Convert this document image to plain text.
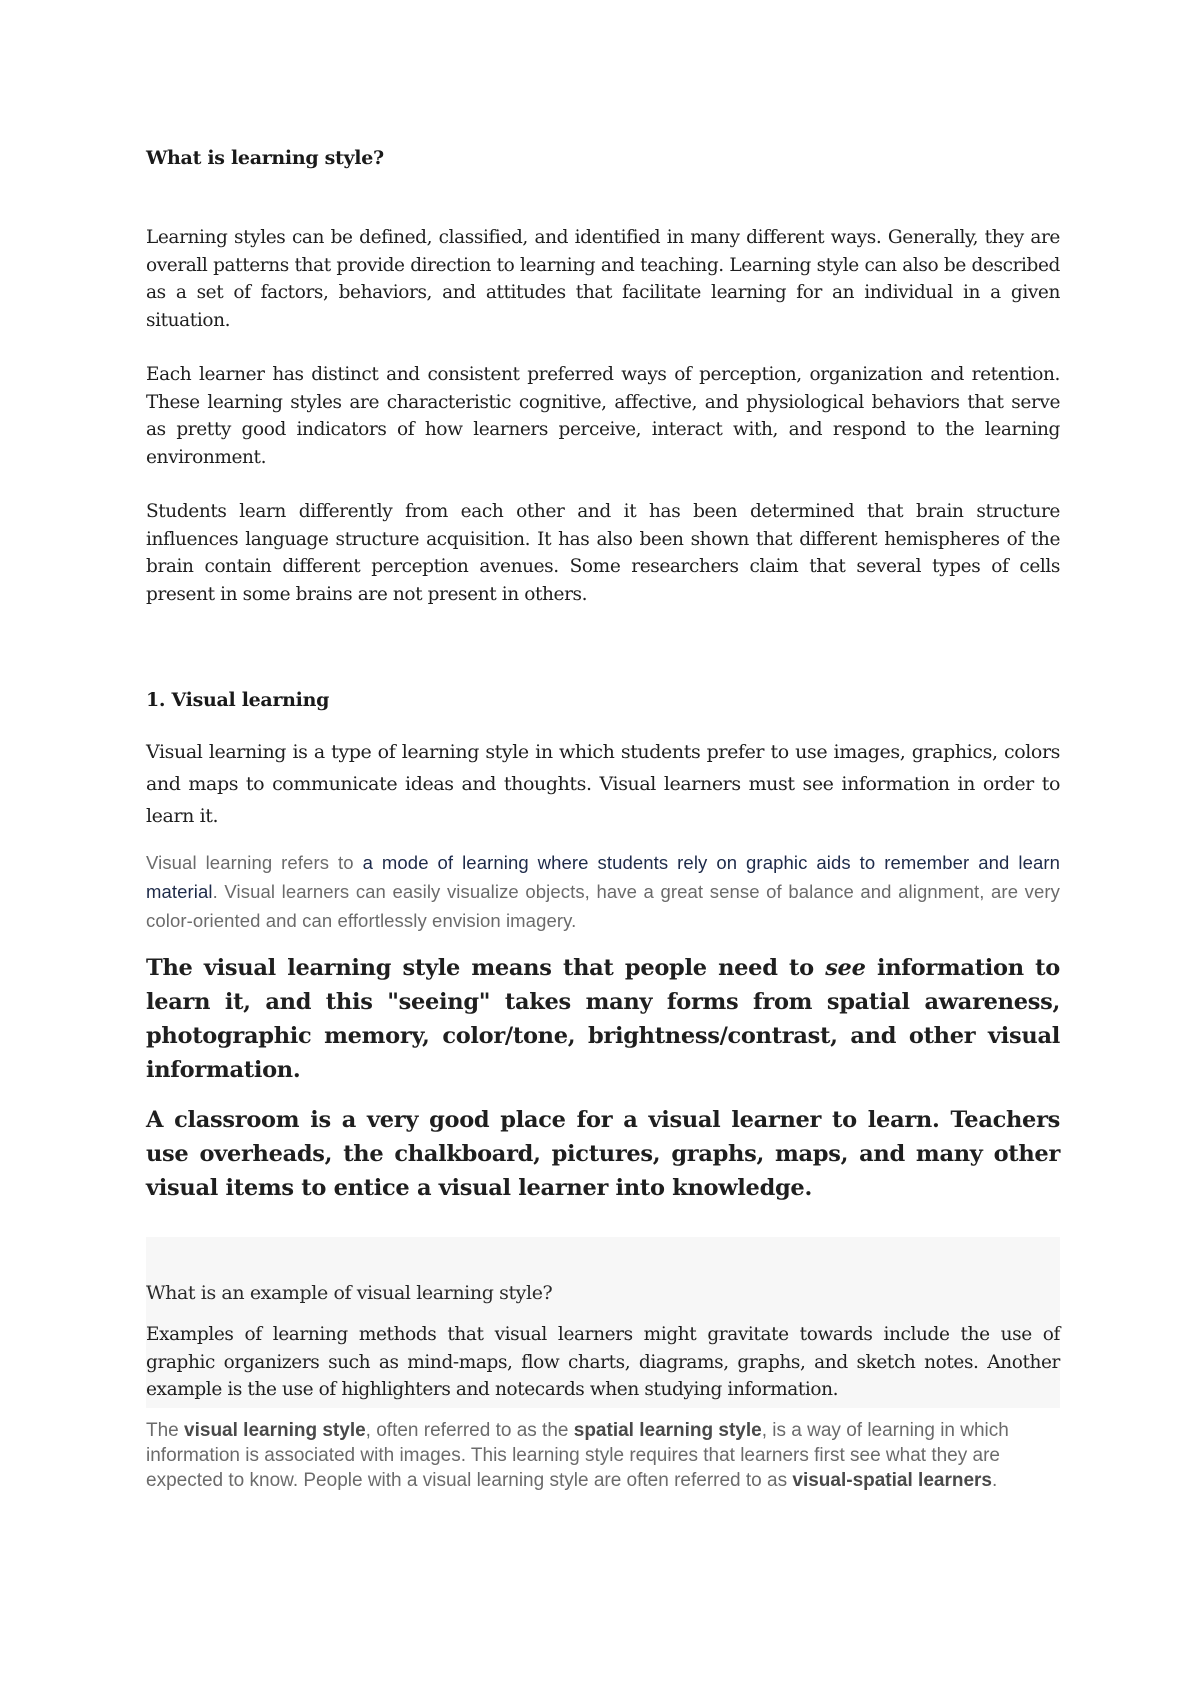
What is learning style?

Learning styles can be defined, classified, and identified in many different ways. Generally, they are overall patterns that provide direction to learning and teaching. Learning style can also be described as a set of factors, behaviors, and attitudes that facilitate learning for an individual in a given situation.

Each learner has distinct and consistent preferred ways of perception, organization and retention. These learning styles are characteristic cognitive, affective, and physiological behaviors that serve as pretty good indicators of how learners perceive, interact with, and respond to the learning environment.

Students learn differently from each other and it has been determined that brain structure influences language structure acquisition. It has also been shown that different hemispheres of the brain contain different perception avenues. Some researchers claim that several types of cells present in some brains are not present in others.

1. Visual learning

Visual learning is a type of learning style in which students prefer to use images, graphics, colors and maps to communicate ideas and thoughts. Visual learners must see information in order to learn it.

Visual learning refers to a mode of learning where students rely on graphic aids to remember and learn material. Visual learners can easily visualize objects, have a great sense of balance and alignment, are very color-oriented and can effortlessly envision imagery.

The visual learning style means that people need to see information to learn it, and this "seeing" takes many forms from spatial awareness, photographic memory, color/tone, brightness/contrast, and other visual information.

A classroom is a very good place for a visual learner to learn. Teachers use overheads, the chalkboard, pictures, graphs, maps, and many other visual items to entice a visual learner into knowledge.

What is an example of visual learning style?

Examples of learning methods that visual learners might gravitate towards include the use of graphic organizers such as mind-maps, flow charts, diagrams, graphs, and sketch notes. Another example is the use of highlighters and notecards when studying information.

The visual learning style, often referred to as the spatial learning style, is a way of learning in which information is associated with images. This learning style requires that learners first see what they are expected to know. People with a visual learning style are often referred to as visual-spatial learners.
